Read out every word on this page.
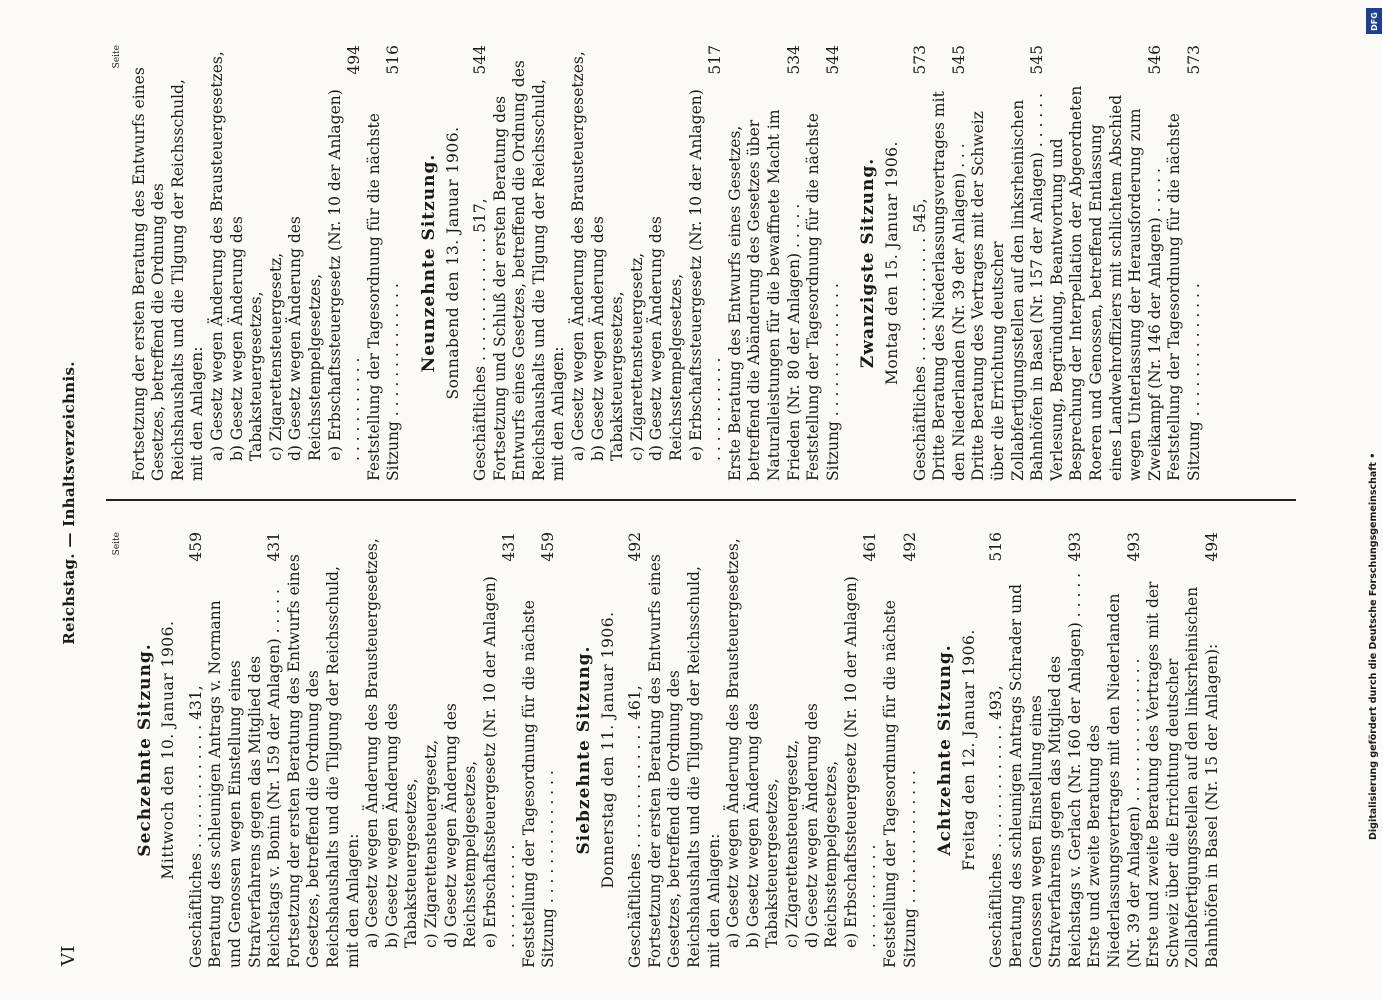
VI
Reichstag. — Inhaltsverzeichnis.	Seite
Sechzehnte Sitzung. Mittwoch den 10. Januar 1906. Geschäftliches . . . . . . . . . . . . . 431,
459
Beratung des schleunigen Antrags v. Normann und Genossen wegen Einstellung eines Strafverfahrens gegen das Mitglied des Reichstags v. Bonin (Nr. 159 der Anlagen) . . . . .
431
Fortsetzung der ersten Beratung des Entwurfs eines Gesetzes, betreffend die Ordnung des Reichshaushalts und die Tilgung der Reichsschuld, mit den Anlagen: a) Gesetz wegen Änderung des Brausteuergesetzes, b) Gesetz wegen Änderung des Tabaksteuergesetzes, c) Zigarettensteuergesetz, d) Gesetz wegen Änderung des Reichsstempelgesetzes, e) Erbschaftssteuergesetz (Nr. 10 der Anlagen) . . . . . . . . . . .
431
Feststellung der Tagesordnung für die nächste Sitzung . . . . . . . . . . . . . .
459
Siebzehnte Sitzung. Donnerstag den 11. Januar 1906. Geschäftliches . . . . . . . . . . . . . 461,
492
Fortsetzung der ersten Beratung des Entwurfs eines Gesetzes, betreffend die Ordnung des Reichshaushalts und die Tilgung der Reichsschuld, mit den Anlagen: a) Gesetz wegen Änderung des Brausteuergesetzes, b) Gesetz wegen Änderung des Tabaksteuergesetzes, c) Zigarettensteuergesetz, d) Gesetz wegen Änderung des Reichsstempelgesetzes, e) Erbschaftssteuergesetz (Nr. 10 der Anlagen) . . . . . . . . . . .
461
Feststellung der Tagesordnung für die nächste Sitzung . . . . . . . . . . . . . .
492
Achtzehnte Sitzung. Freitag den 12. Januar 1906. Geschäftliches . . . . . . . . . . . . . 493,
516
Beratung des schleunigen Antrags Schrader und Genossen wegen Einstellung eines Strafverfahrens gegen das Mitglied des Reichstags v. Gerlach (Nr. 160 der Anlagen) . . . . .
493
Erste und zweite Beratung des Niederlassungsvertrages mit den Niederlanden (Nr. 39 der Anlagen) . . . . . . . . . . . . . . .
493
Erste und zweite Beratung des Vertrages mit der Schweiz über die Errichtung deutscher Zollabfertigungsstellen auf den linksrheinischen Bahnhöfen in Basel (Nr. 15 der Anlagen):
494
Seite
Fortsetzung der ersten Beratung des Entwurfs eines Gesetzes, betreffend die Ordnung des Reichshaushalts und die Tilgung der Reichsschuld, mit den Anlagen: a) Gesetz wegen Änderung des Brausteuergesetzes, b) Gesetz wegen Änderung des Tabaksteuergesetzes, c) Zigarettensteuergesetz, d) Gesetz wegen Änderung des Reichsstempelgesetzes, e) Erbschaftssteuergesetz (Nr. 10 der Anlagen) . . . . . . . . . . .
494
Feststellung der Tagesordnung für die nächste Sitzung . . . . . . . . . . . . . .
516
Neunzehnte Sitzung. Sonnabend den 13. Januar 1906. Geschäftliches . . . . . . . . . . . . . 517,
544
Fortsetzung und Schluß der ersten Beratung des Entwurfs eines Gesetzes, betreffend die Ordnung des Reichshaushalts und die Tilgung der Reichsschuld, mit den Anlagen: a) Gesetz wegen Änderung des Brausteuergesetzes, b) Gesetz wegen Änderung des Tabaksteuergesetzes, c) Zigarettensteuergesetz, d) Gesetz wegen Änderung des Reichsstempelgesetzes, e) Erbschaftssteuergesetz (Nr. 10 der Anlagen) . . . . . . . . . . .
517
Erste Beratung des Entwurfs eines Gesetzes, betreffend die Abänderung des Gesetzes über Naturalleistungen für die bewaffnete Macht im Frieden (Nr. 80 der Anlagen) . . . . .
534
Feststellung der Tagesordnung für die nächste Sitzung . . . . . . . . . . . . . .
544
Zwanzigste Sitzung. Montag den 15. Januar 1906. Geschäftliches . . . . . . . . . . . . . 545,
573
Dritte Beratung des Niederlassungsvertrages mit den Niederlanden (Nr. 39 der Anlagen) . . .
545
Dritte Beratung des Vertrages mit der Schweiz über die Errichtung deutscher Zollabfertigungsstellen auf den linksrheinischen Bahnhöfen in Basel (Nr. 157 der Anlagen) . . . . . .
545
Verlesung, Begründung, Beantwortung und Besprechung der Interpellation der Abgeordneten Roeren und Genossen, betreffend Entlassung eines Landwehroffiziers mit schlichtem Abschied wegen Unterlassung der Herausforderung zum Zweikampf (Nr. 146 der Anlagen) . . . . .
546
Feststellung der Tagesordnung für die nächste Sitzung . . . . . . . . . . . . . .
573
DFG
Digitalisierung gefördert durch die Deutsche Forschungsgemeinschaft •
